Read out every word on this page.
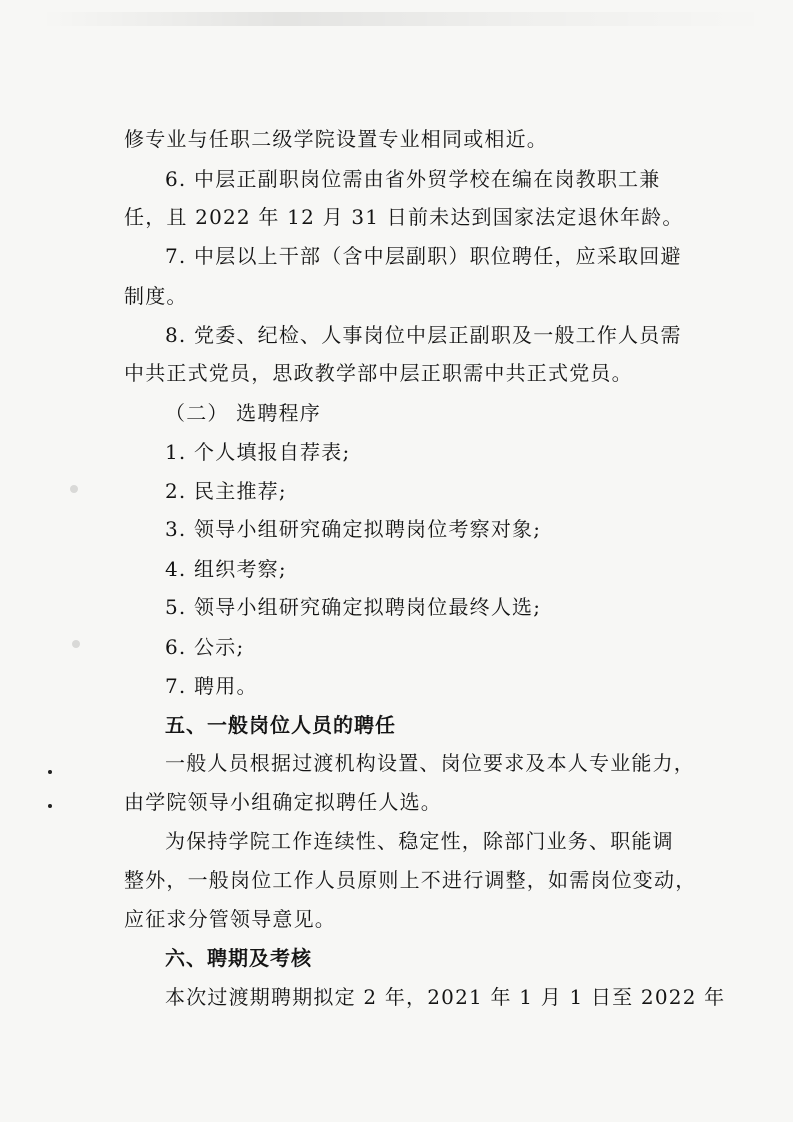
修专业与任职二级学院设置专业相同或相近。
6. 中层正副职岗位需由省外贸学校在编在岗教职工兼
任，且 2022 年 12 月 31 日前未达到国家法定退休年龄。
7. 中层以上干部（含中层副职）职位聘任，应采取回避
制度。
8. 党委、纪检、人事岗位中层正副职及一般工作人员需
中共正式党员，思政教学部中层正职需中共正式党员。
（二） 选聘程序
1. 个人填报自荐表;
2. 民主推荐;
3. 领导小组研究确定拟聘岗位考察对象;
4. 组织考察;
5. 领导小组研究确定拟聘岗位最终人选;
6. 公示;
7. 聘用。
五、一般岗位人员的聘任
一般人员根据过渡机构设置、岗位要求及本人专业能力，
由学院领导小组确定拟聘任人选。
为保持学院工作连续性、稳定性，除部门业务、职能调
整外，一般岗位工作人员原则上不进行调整，如需岗位变动，
应征求分管领导意见。
六、聘期及考核
本次过渡期聘期拟定 2 年，2021 年 1 月 1 日至 2022 年
